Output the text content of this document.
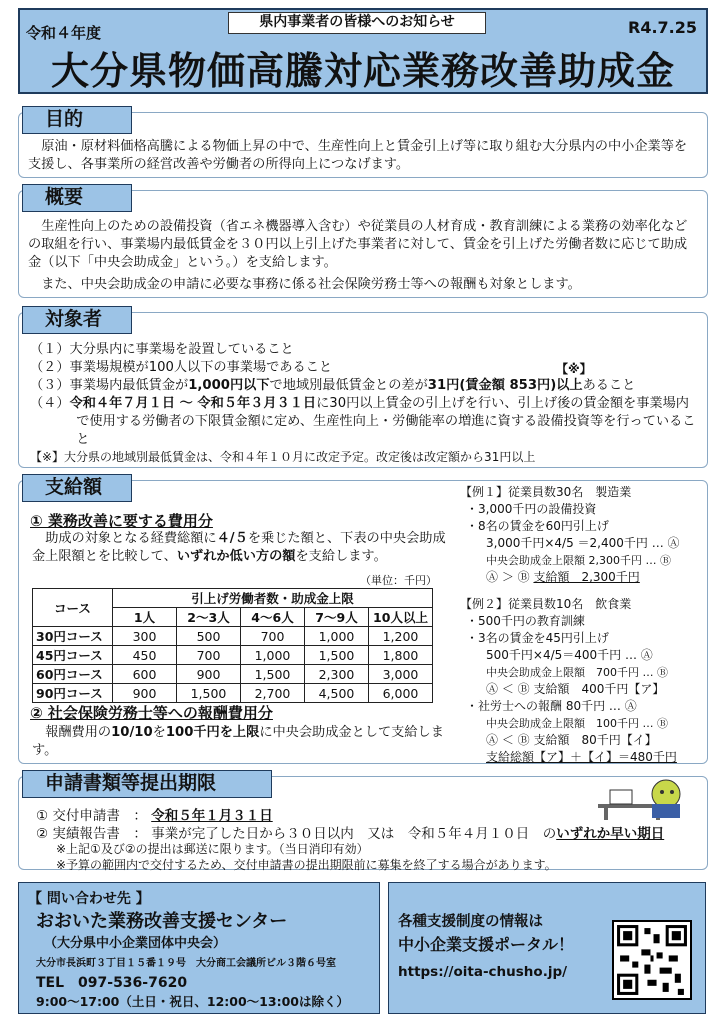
県内事業者の皆様へのお知らせ
令和４年度	R4.7.25
大分県物価高騰対応業務改善助成金
目的
原油・原材料価格高騰による物価上昇の中で、生産性向上と賃金引上げ等に取り組む大分県内の中小企業等を支援し、各事業所の経営改善や労働者の所得向上につなげます。
概要
生産性向上のための設備投資（省エネ機器導入含む）や従業員の人材育成・教育訓練による業務の効率化などの取組を行い、事業場内最低賃金を３０円以上引上げた事業者に対して、賃金を引上げた労働者数に応じて助成金（以下「中央会助成金」という。）を支給します。
また、中央会助成金の申請に必要な事務に係る社会保険労務士等への報酬も対象とします。
対象者
（１）大分県内に事業場を設置していること
（２）事業場規模が100人以下の事業場であること	【※】
（３）事業場内最低賃金が1,000円以下で地域別最低賃金との差が31円(賃金額 853円)以上あること
（４）令和４年７月１日 〜 令和５年３月３１日に30円以上賃金の引上げを行い、引上げ後の賃金額を事業場内で使用する労働者の下限賃金額に定め、生産性向上・労働能率の増進に資する設備投資等を行っていること
【※】大分県の地域別最低賃金は、令和４年１０月に改定予定。改定後は改定額から31円以上
支給額
① 業務改善に要する費用分
助成の対象となる経費総額に４/５を乗じた額と、下表の中央会助成金上限額とを比較して、いずれか低い方の額を支給します。
（単位：千円）
コース	引上げ労働者数・助成金上限				
	1人	2〜3人	4〜6人	7〜9人	10人以上
30円コース	300	500	700	1,000	1,200
45円コース	450	700	1,000	1,500	1,800
60円コース	600	900	1,500	2,300	3,000
90円コース	900	1,500	2,700	4,500	6,000
② 社会保険労務士等への報酬費用分
報酬費用の10/10を100千円を上限に中央会助成金として支給します。
【例１】従業員数30名　製造業
・3,000千円の設備投資
・8名の賃金を60円引上げ
3,000千円×4/5 ＝2,400千円 … Ⓐ
中央会助成金上限額 2,300千円 … Ⓑ
Ⓐ ＞ Ⓑ 支給額　2,300千円
【例２】従業員数10名　飲食業
・500千円の教育訓練
・3名の賃金を45円引上げ
500千円×4/5＝400千円 … Ⓐ
中央会助成金上限額　700千円 … Ⓑ
Ⓐ ＜ Ⓑ 支給額　400千円【ア】
・社労士への報酬 80千円 … Ⓐ
中央会助成金上限額　100千円 … Ⓑ
Ⓐ ＜ Ⓑ 支給額　80千円【イ】
支給総額【ア】＋【イ】＝480千円
申請書類等提出期限
① 交付申請書　： 令和５年１月３１日
② 実績報告書　： 事業が完了した日から３０日以内　又は　令和５年４月１０日　のいずれか早い期日
※上記①及び②の提出は郵送に限ります。（当日消印有効）
※予算の範囲内で交付するため、交付申請書の提出期限前に募集を終了する場合があります。
【 問い合わせ先 】
おおいた業務改善支援センター
（大分県中小企業団体中央会）
大分市長浜町３丁目１５番１９号　大分商工会議所ビル３階６号室
TEL　097-536-7620
9:00〜17:00（土日・祝日、12:00〜13:00は除く）
各種支援制度の情報は
中小企業支援ポータル！
https://oita-chusho.jp/
